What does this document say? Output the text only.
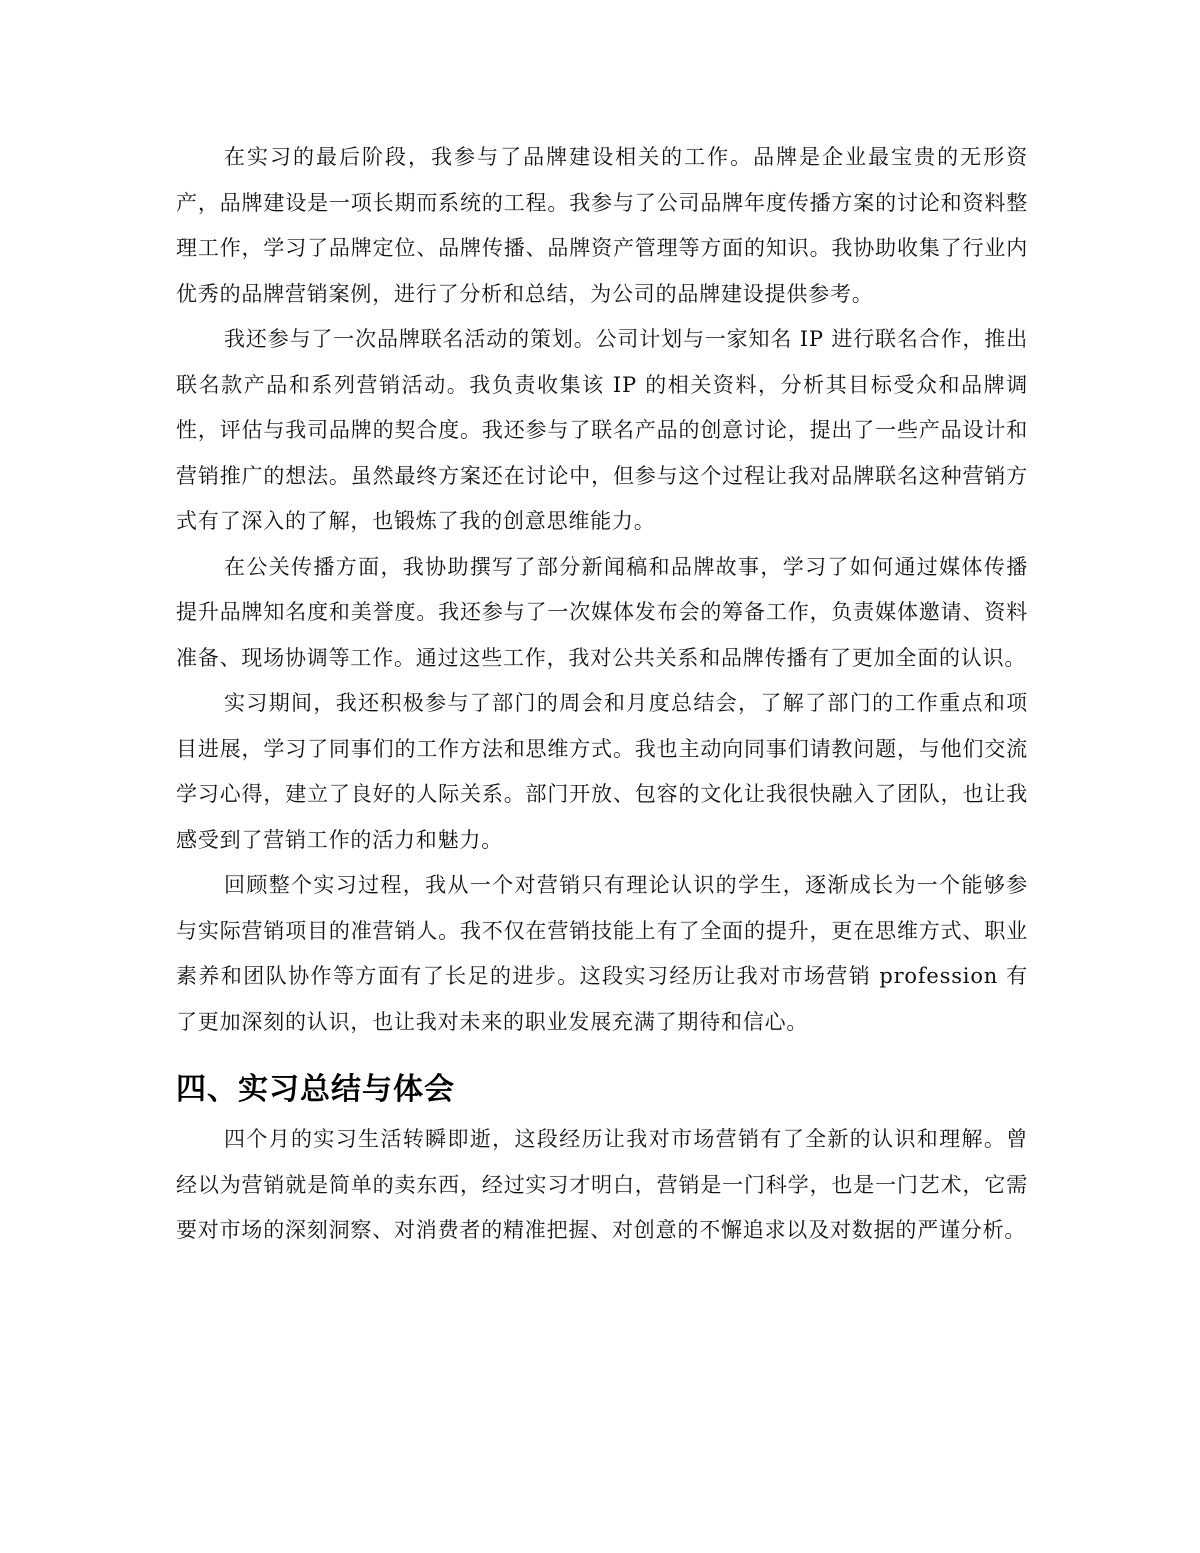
在实习的最后阶段，我参与了品牌建设相关的工作。品牌是企业最宝贵的无形资产，品牌建设是一项长期而系统的工程。我参与了公司品牌年度传播方案的讨论和资料整理工作，学习了品牌定位、品牌传播、品牌资产管理等方面的知识。我协助收集了行业内优秀的品牌营销案例，进行了分析和总结，为公司的品牌建设提供参考。

我还参与了一次品牌联名活动的策划。公司计划与一家知名 IP 进行联名合作，推出联名款产品和系列营销活动。我负责收集该 IP 的相关资料，分析其目标受众和品牌调性，评估与我司品牌的契合度。我还参与了联名产品的创意讨论，提出了一些产品设计和营销推广的想法。虽然最终方案还在讨论中，但参与这个过程让我对品牌联名这种营销方式有了深入的了解，也锻炼了我的创意思维能力。

在公关传播方面，我协助撰写了部分新闻稿和品牌故事，学习了如何通过媒体传播提升品牌知名度和美誉度。我还参与了一次媒体发布会的筹备工作，负责媒体邀请、资料准备、现场协调等工作。通过这些工作，我对公共关系和品牌传播有了更加全面的认识。

实习期间，我还积极参与了部门的周会和月度总结会，了解了部门的工作重点和项目进展，学习了同事们的工作方法和思维方式。我也主动向同事们请教问题，与他们交流学习心得，建立了良好的人际关系。部门开放、包容的文化让我很快融入了团队，也让我感受到了营销工作的活力和魅力。

回顾整个实习过程，我从一个对营销只有理论认识的学生，逐渐成长为一个能够参与实际营销项目的准营销人。我不仅在营销技能上有了全面的提升，更在思维方式、职业素养和团队协作等方面有了长足的进步。这段实习经历让我对市场营销 profession 有了更加深刻的认识，也让我对未来的职业发展充满了期待和信心。

四、实习总结与体会

四个月的实习生活转瞬即逝，这段经历让我对市场营销有了全新的认识和理解。曾经以为营销就是简单的卖东西，经过实习才明白，营销是一门科学，也是一门艺术，它需要对市场的深刻洞察、对消费者的精准把握、对创意的不懈追求以及对数据的严谨分析。
